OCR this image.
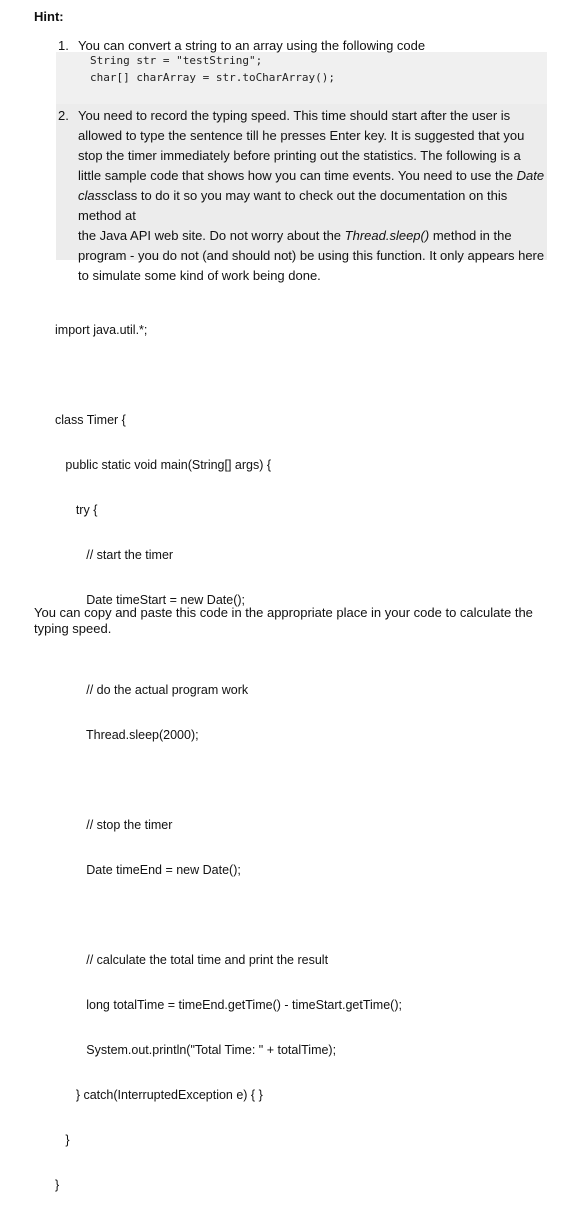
Hint:
1. You can convert a string to an array using the following code
String str = "testString";
char[] charArray = str.toCharArray();
2. You need to record the typing speed. This time should start after the user is
allowed to type the sentence till he presses Enter key. It is suggested that you
stop the timer immediately before printing out the statistics. The following is a
little sample code that shows how you can time events. You need to use the Date
classclass to do it so you may want to check out the documentation on this method at
the Java API web site. Do not worry about the Thread.sleep() method in the
program - you do not (and should not) be using this function. It only appears here
to simulate some kind of work being done.

import java.util.*;

class Timer {

public static void main(String[] args) {

try {

// start the timer

Date timeStart = new Date();

// do the actual program work

Thread.sleep(2000);

// stop the timer

Date timeEnd = new Date();

// calculate the total time and print the result

long totalTime = timeEnd.getTime() - timeStart.getTime();

System.out.println("Total Time: " + totalTime);

} catch(InterruptedException e) { }

}

}

You can copy and paste this code in the appropriate place in your code to calculate the typing speed.
